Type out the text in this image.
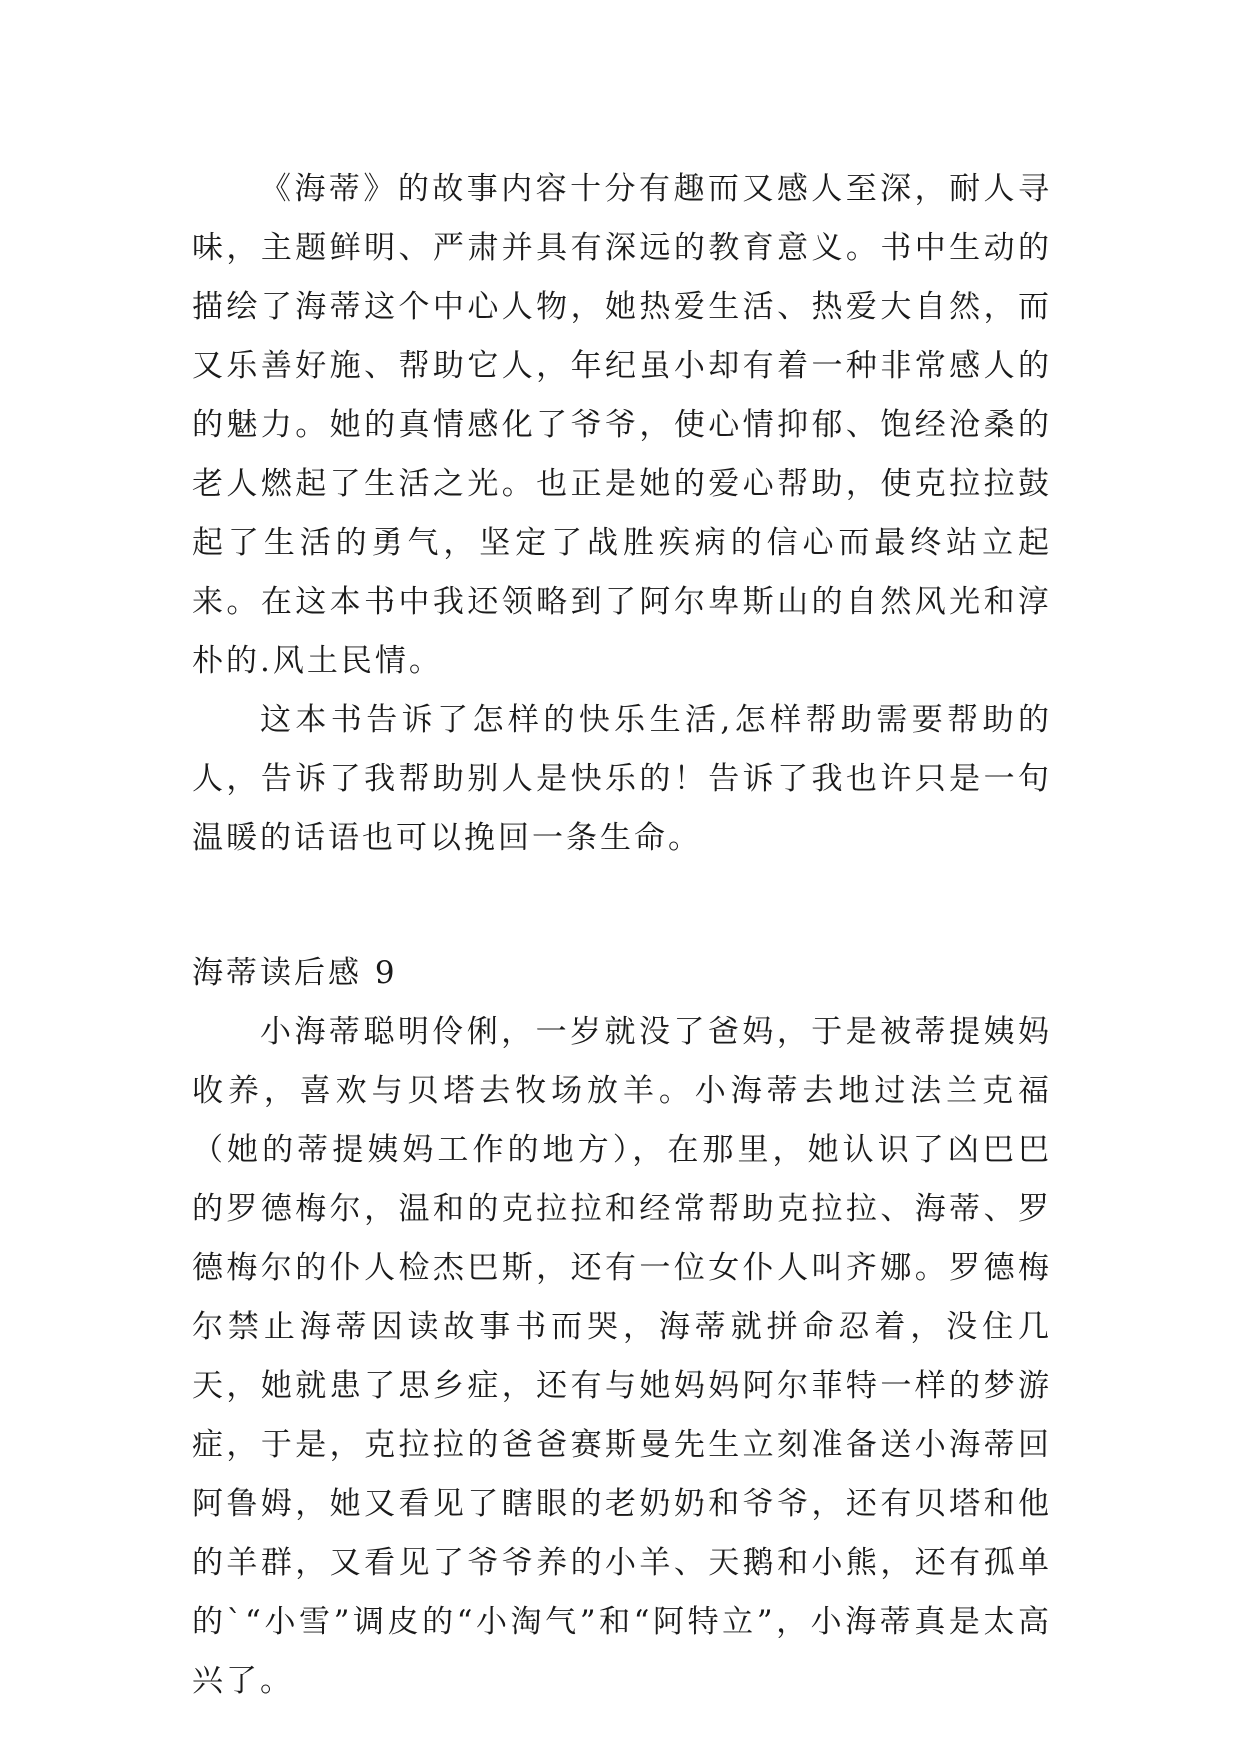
《海蒂》的故事内容十分有趣而又感人至深，耐人寻味，主题鲜明、严肃并具有深远的教育意义。书中生动的描绘了海蒂这个中心人物，她热爱生活、热爱大自然，而又乐善好施、帮助它人，年纪虽小却有着一种非常感人的的魅力。她的真情感化了爷爷，使心情抑郁、饱经沧桑的老人燃起了生活之光。也正是她的爱心帮助，使克拉拉鼓起了生活的勇气，坚定了战胜疾病的信心而最终站立起来。在这本书中我还领略到了阿尔卑斯山的自然风光和淳朴的.风土民情。

这本书告诉了怎样的快乐生活,怎样帮助需要帮助的人，告诉了我帮助别人是快乐的！告诉了我也许只是一句温暖的话语也可以挽回一条生命。

海蒂读后感 9

小海蒂聪明伶俐，一岁就没了爸妈，于是被蒂提姨妈收养，喜欢与贝塔去牧场放羊。小海蒂去地过法兰克福（她的蒂提姨妈工作的地方），在那里，她认识了凶巴巴的罗德梅尔，温和的克拉拉和经常帮助克拉拉、海蒂、罗德梅尔的仆人检杰巴斯，还有一位女仆人叫齐娜。罗德梅尔禁止海蒂因读故事书而哭，海蒂就拼命忍着，没住几天，她就患了思乡症，还有与她妈妈阿尔菲特一样的梦游症，于是，克拉拉的爸爸赛斯曼先生立刻准备送小海蒂回阿鲁姆，她又看见了瞎眼的老奶奶和爷爷，还有贝塔和他的羊群，又看见了爷爷养的小羊、天鹅和小熊，还有孤单的`“小雪”调皮的“小淘气”和“阿特立”，小海蒂真是太高兴了。
